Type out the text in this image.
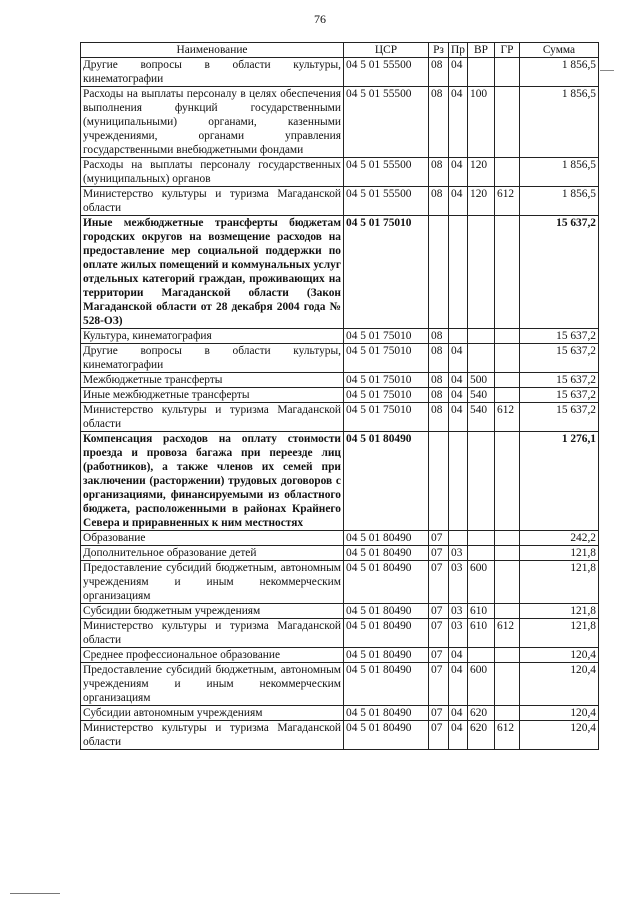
76
Наименование	ЦСР	Рз	Пр	ВР	ГР	Сумма
Другие вопросы в области культуры, кинематографии	04 5 01 55500	08	04			1 856,5
Расходы на выплаты персоналу в целях обеспечения выполнения функций государственными (муниципальными) органами, казенными учреждениями, органами управления государственными внебюджетными фондами	04 5 01 55500	08	04	100		1 856,5
Расходы на выплаты персоналу государственных (муниципальных) органов	04 5 01 55500	08	04	120		1 856,5
Министерство культуры и туризма Магаданской области	04 5 01 55500	08	04	120	612	1 856,5
Иные межбюджетные трансферты бюджетам городских округов на возмещение расходов на предоставление мер социальной поддержки по оплате жилых помещений и коммунальных услуг отдельных категорий граждан, проживающих на территории Магаданской области (Закон Магаданской области от 28 декабря 2004 года № 528-ОЗ)	04 5 01 75010					15 637,2
Культура, кинематография	04 5 01 75010	08				15 637,2
Другие вопросы в области культуры, кинематографии	04 5 01 75010	08	04			15 637,2
Межбюджетные трансферты	04 5 01 75010	08	04	500		15 637,2
Иные межбюджетные трансферты	04 5 01 75010	08	04	540		15 637,2
Министерство культуры и туризма Магаданской области	04 5 01 75010	08	04	540	612	15 637,2
Компенсация расходов на оплату стоимости проезда и провоза багажа при переезде лиц (работников), а также членов их семей при заключении (расторжении) трудовых договоров с организациями, финансируемыми из областного бюджета, расположенными в районах Крайнего Севера и приравненных к ним местностях	04 5 01 80490					1 276,1
Образование	04 5 01 80490	07				242,2
Дополнительное образование детей	04 5 01 80490	07	03			121,8
Предоставление субсидий бюджетным, автономным учреждениям и иным некоммерческим организациям	04 5 01 80490	07	03	600		121,8
Субсидии бюджетным учреждениям	04 5 01 80490	07	03	610		121,8
Министерство культуры и туризма Магаданской области	04 5 01 80490	07	03	610	612	121,8
Среднее профессиональное образование	04 5 01 80490	07	04			120,4
Предоставление субсидий бюджетным, автономным учреждениям и иным некоммерческим организациям	04 5 01 80490	07	04	600		120,4
Субсидии автономным учреждениям	04 5 01 80490	07	04	620		120,4
Министерство культуры и туризма Магаданской области	04 5 01 80490	07	04	620	612	120,4
